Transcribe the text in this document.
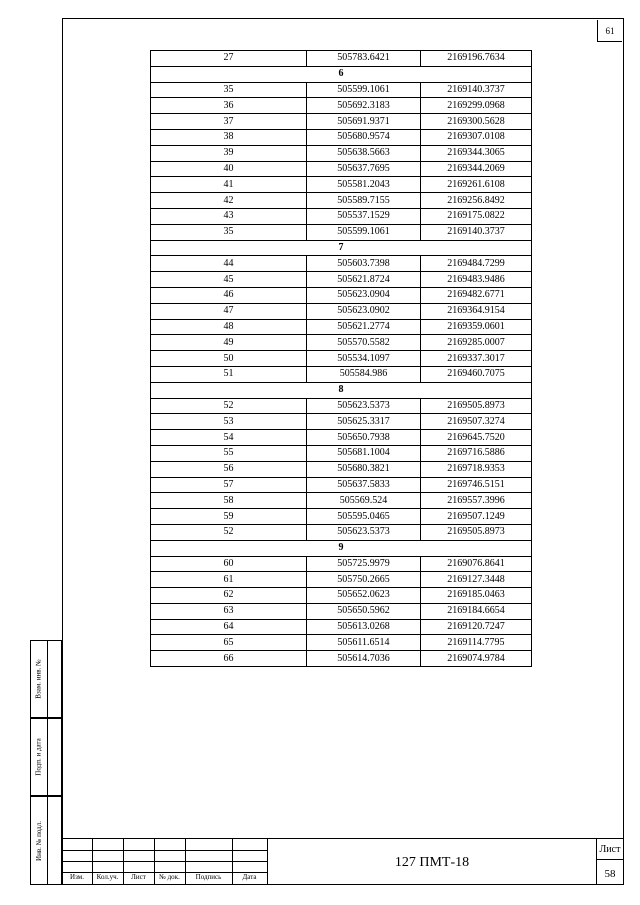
61
Взам. инв. №
Подп. и дата
Инв. № подл.
27	505783.6421	2169196.7634
6		
35	505599.1061	2169140.3737
36	505692.3183	2169299.0968
37	505691.9371	2169300.5628
38	505680.9574	2169307.0108
39	505638.5663	2169344.3065
40	505637.7695	2169344.2069
41	505581.2043	2169261.6108
42	505589.7155	2169256.8492
43	505537.1529	2169175.0822
35	505599.1061	2169140.3737
7		
44	505603.7398	2169484.7299
45	505621.8724	2169483.9486
46	505623.0904	2169482.6771
47	505623.0902	2169364.9154
48	505621.2774	2169359.0601
49	505570.5582	2169285.0007
50	505534.1097	2169337.3017
51	505584.986	2169460.7075
8		
52	505623.5373	2169505.8973
53	505625.3317	2169507.3274
54	505650.7938	2169645.7520
55	505681.1004	2169716.5886
56	505680.3821	2169718.9353
57	505637.5833	2169746.5151
58	505569.524	2169557.3996
59	505595.0465	2169507.1249
52	505623.5373	2169505.8973
9		
60	505725.9979	2169076.8641
61	505750.2665	2169127.3448
62	505652.0623	2169185.0463
63	505650.5962	2169184.6654
64	505613.0268	2169120.7247
65	505611.6514	2169114.7795
66	505614.7036	2169074.9784
Изм.	Кол.уч.	Лист	№ док.	Подпись	Дата
127 ПМТ-18
Лист
58
